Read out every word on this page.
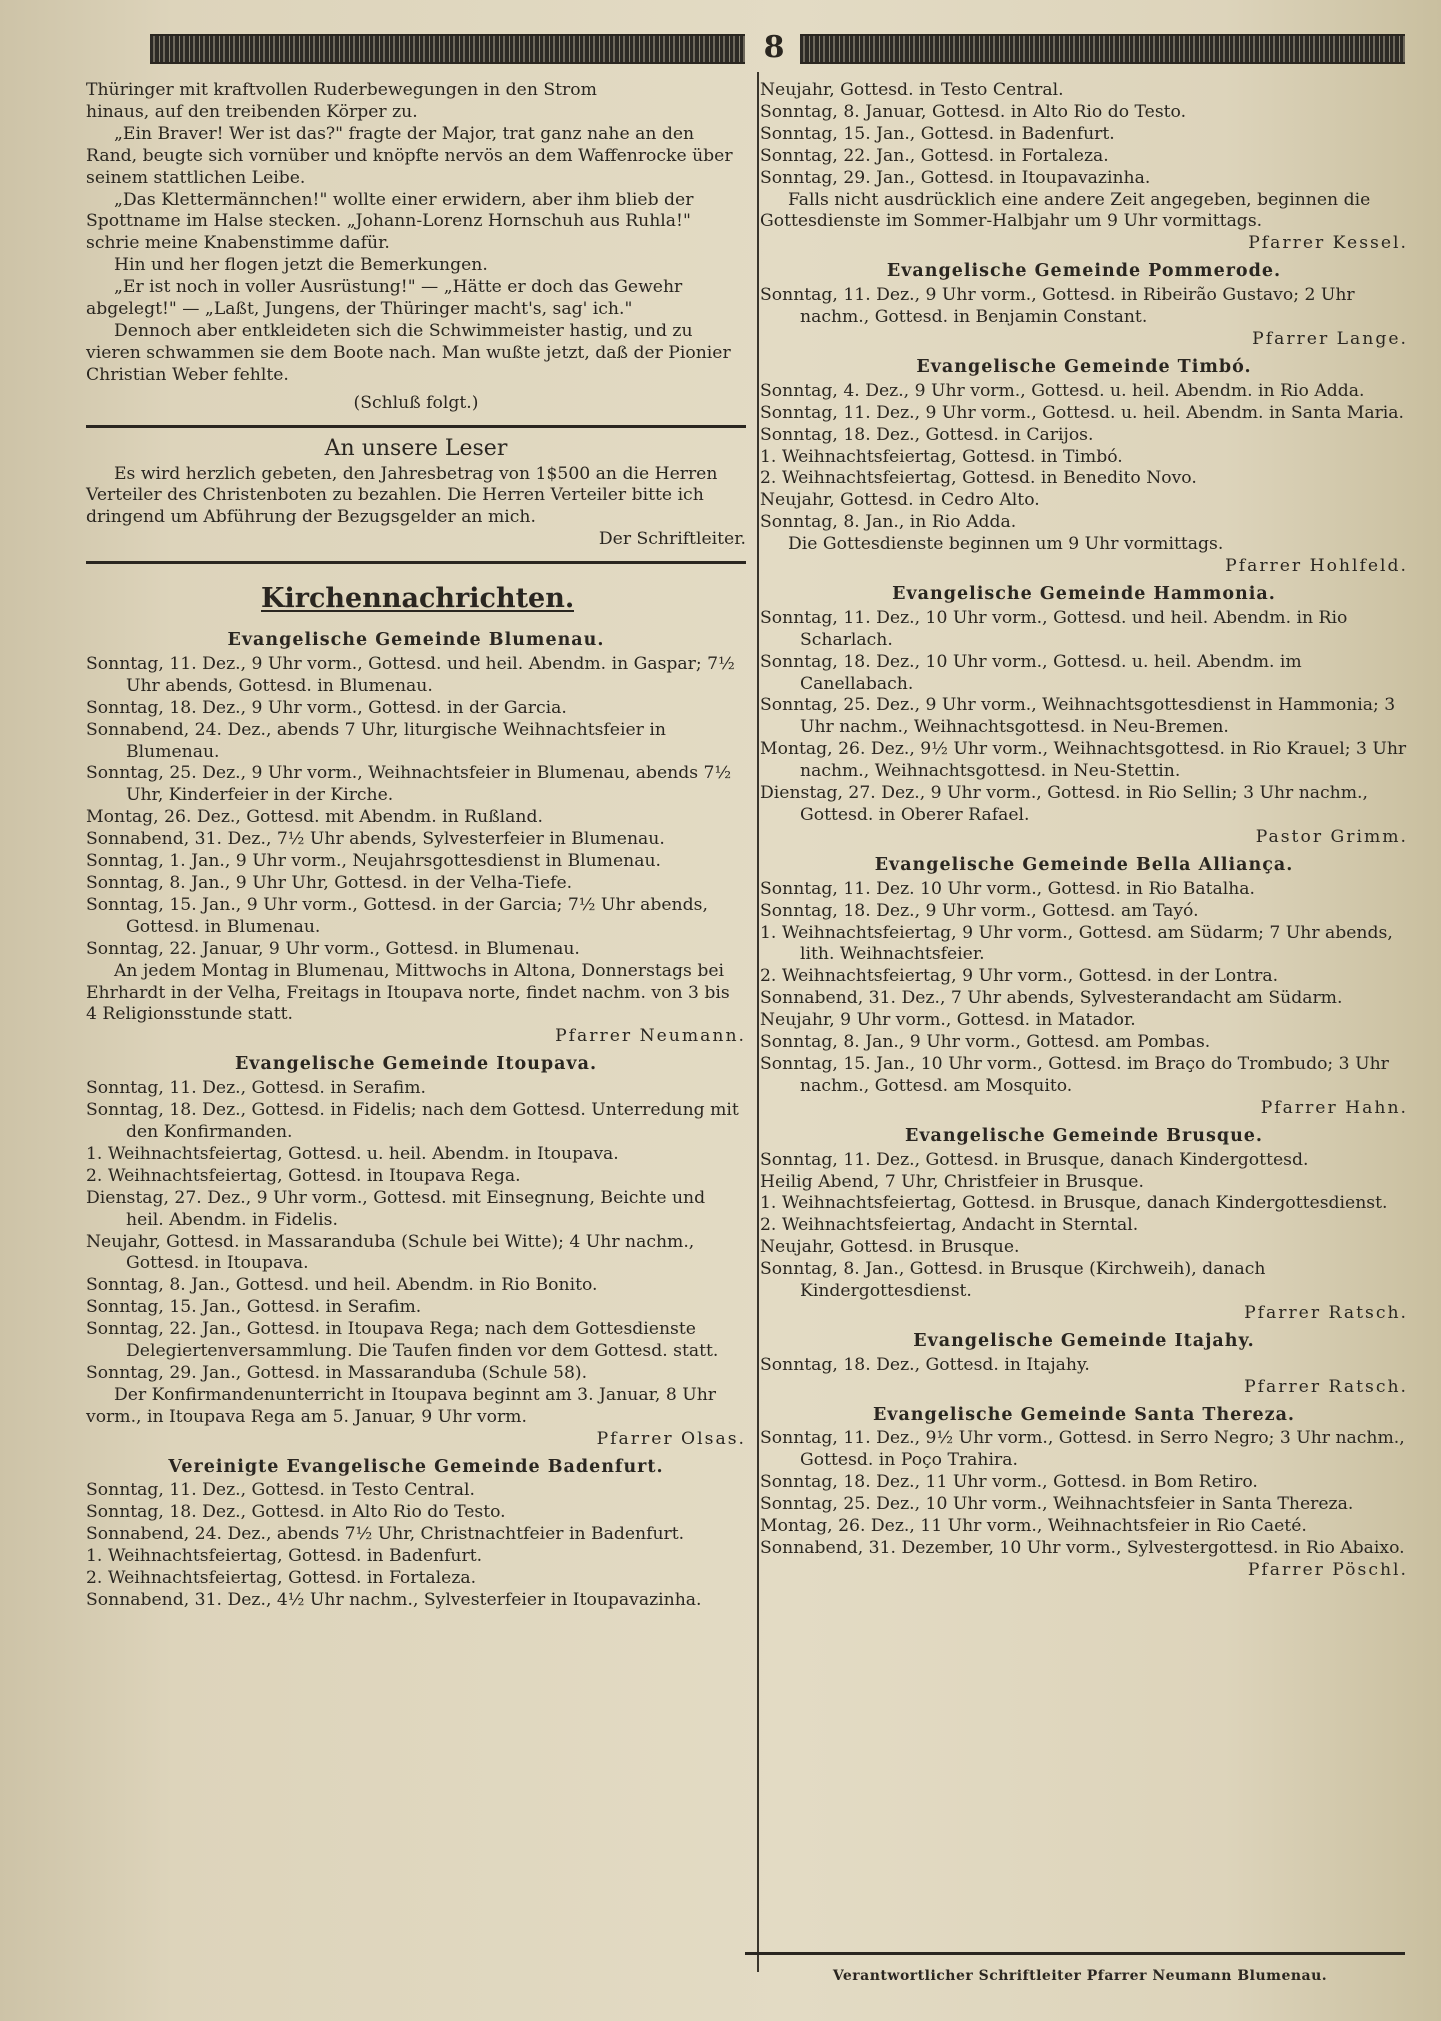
8

Thüringer mit kraftvollen Ruderbewegungen in den Strom

hinaus, auf den treibenden Körper zu.

„Ein Braver! Wer ist das?" fragte der Major, trat ganz nahe an den Rand, beugte sich vornüber und knöpfte nervös an dem Waffenrocke über seinem stattlichen Leibe.

„Das Klettermännchen!" wollte einer erwidern, aber ihm blieb der Spottname im Halse stecken. „Johann-Lorenz Hornschuh aus Ruhla!" schrie meine Knabenstimme dafür.

Hin und her flogen jetzt die Bemerkungen.

„Er ist noch in voller Ausrüstung!" — „Hätte er doch das Gewehr abgelegt!" — „Laßt, Jungens, der Thüringer macht's, sag' ich."

Dennoch aber entkleideten sich die Schwimmeister hastig, und zu vieren schwammen sie dem Boote nach. Man wußte jetzt, daß der Pionier Christian Weber fehlte.

(Schluß folgt.)

An unsere Leser

Es wird herzlich gebeten, den Jahresbetrag von 1$500 an die Herren Verteiler des Christenboten zu bezahlen. Die Herren Verteiler bitte ich dringend um Abführung der Bezugsgelder an mich.

Der Schriftleiter.

Kirchennachrichten.
Evangelische Gemeinde Blumenau.

Sonntag, 11. Dez., 9 Uhr vorm., Gottesd. und heil. Abendm. in Gaspar; 7½ Uhr abends, Gottesd. in Blumenau.

Sonntag, 18. Dez., 9 Uhr vorm., Gottesd. in der Garcia.

Sonnabend, 24. Dez., abends 7 Uhr, liturgische Weihnachtsfeier in Blumenau.

Sonntag, 25. Dez., 9 Uhr vorm., Weihnachtsfeier in Blumenau, abends 7½ Uhr, Kinderfeier in der Kirche.

Montag, 26. Dez., Gottesd. mit Abendm. in Rußland.

Sonnabend, 31. Dez., 7½ Uhr abends, Sylvesterfeier in Blumenau.

Sonntag, 1. Jan., 9 Uhr vorm., Neujahrsgottesdienst in Blumenau.

Sonntag, 8. Jan., 9 Uhr Uhr, Gottesd. in der Velha-Tiefe.

Sonntag, 15. Jan., 9 Uhr vorm., Gottesd. in der Garcia; 7½ Uhr abends, Gottesd. in Blumenau.

Sonntag, 22. Januar, 9 Uhr vorm., Gottesd. in Blumenau.

An jedem Montag in Blumenau, Mittwochs in Altona, Donnerstags bei Ehrhardt in der Velha, Freitags in Itoupava norte, findet nachm. von 3 bis 4 Religionsstunde statt.

Pfarrer Neumann.

Evangelische Gemeinde Itoupava.

Sonntag, 11. Dez., Gottesd. in Serafim.

Sonntag, 18. Dez., Gottesd. in Fidelis; nach dem Gottesd. Unterredung mit den Konfirmanden.

1. Weihnachtsfeiertag, Gottesd. u. heil. Abendm. in Itoupava.

2. Weihnachtsfeiertag, Gottesd. in Itoupava Rega.

Dienstag, 27. Dez., 9 Uhr vorm., Gottesd. mit Einsegnung, Beichte und heil. Abendm. in Fidelis.

Neujahr, Gottesd. in Massaranduba (Schule bei Witte); 4 Uhr nachm., Gottesd. in Itoupava.

Sonntag, 8. Jan., Gottesd. und heil. Abendm. in Rio Bonito.

Sonntag, 15. Jan., Gottesd. in Serafim.

Sonntag, 22. Jan., Gottesd. in Itoupava Rega; nach dem Gottesdienste Delegiertenversammlung. Die Taufen finden vor dem Gottesd. statt.

Sonntag, 29. Jan., Gottesd. in Massaranduba (Schule 58).

Der Konfirmandenunterricht in Itoupava beginnt am 3. Januar, 8 Uhr vorm., in Itoupava Rega am 5. Januar, 9 Uhr vorm.

Pfarrer Olsas.

Vereinigte Evangelische Gemeinde Badenfurt.

Sonntag, 11. Dez., Gottesd. in Testo Central.

Sonntag, 18. Dez., Gottesd. in Alto Rio do Testo.

Sonnabend, 24. Dez., abends 7½ Uhr, Christnachtfeier in Badenfurt.

1. Weihnachtsfeiertag, Gottesd. in Badenfurt.

2. Weihnachtsfeiertag, Gottesd. in Fortaleza.

Sonnabend, 31. Dez., 4½ Uhr nachm., Sylvesterfeier in Itoupavazinha.

Neujahr, Gottesd. in Testo Central.

Sonntag, 8. Januar, Gottesd. in Alto Rio do Testo.

Sonntag, 15. Jan., Gottesd. in Badenfurt.

Sonntag, 22. Jan., Gottesd. in Fortaleza.

Sonntag, 29. Jan., Gottesd. in Itoupavazinha.

Falls nicht ausdrücklich eine andere Zeit angegeben, beginnen die Gottesdienste im Sommer-Halbjahr um 9 Uhr vormittags.

Pfarrer Kessel.

Evangelische Gemeinde Pommerode.

Sonntag, 11. Dez., 9 Uhr vorm., Gottesd. in Ribeirão Gustavo; 2 Uhr nachm., Gottesd. in Benjamin Constant.

Pfarrer Lange.

Evangelische Gemeinde Timbó.

Sonntag, 4. Dez., 9 Uhr vorm., Gottesd. u. heil. Abendm. in Rio Adda.

Sonntag, 11. Dez., 9 Uhr vorm., Gottesd. u. heil. Abendm. in Santa Maria.

Sonntag, 18. Dez., Gottesd. in Carijos.

1. Weihnachtsfeiertag, Gottesd. in Timbó.

2. Weihnachtsfeiertag, Gottesd. in Benedito Novo.

Neujahr, Gottesd. in Cedro Alto.

Sonntag, 8. Jan., in Rio Adda.

Die Gottesdienste beginnen um 9 Uhr vormittags.

Pfarrer Hohlfeld.

Evangelische Gemeinde Hammonia.

Sonntag, 11. Dez., 10 Uhr vorm., Gottesd. und heil. Abendm. in Rio Scharlach.

Sonntag, 18. Dez., 10 Uhr vorm., Gottesd. u. heil. Abendm. im Canellabach.

Sonntag, 25. Dez., 9 Uhr vorm., Weihnachtsgottesdienst in Hammonia; 3 Uhr nachm., Weihnachtsgottesd. in Neu-Bremen.

Montag, 26. Dez., 9½ Uhr vorm., Weihnachtsgottesd. in Rio Krauel; 3 Uhr nachm., Weihnachtsgottesd. in Neu-Stettin.

Dienstag, 27. Dez., 9 Uhr vorm., Gottesd. in Rio Sellin; 3 Uhr nachm., Gottesd. in Oberer Rafael.

Pastor Grimm.

Evangelische Gemeinde Bella Alliança.

Sonntag, 11. Dez. 10 Uhr vorm., Gottesd. in Rio Batalha.

Sonntag, 18. Dez., 9 Uhr vorm., Gottesd. am Tayó.

1. Weihnachtsfeiertag, 9 Uhr vorm., Gottesd. am Südarm; 7 Uhr abends, lith. Weihnachtsfeier.

2. Weihnachtsfeiertag, 9 Uhr vorm., Gottesd. in der Lontra.

Sonnabend, 31. Dez., 7 Uhr abends, Sylvesterandacht am Südarm.

Neujahr, 9 Uhr vorm., Gottesd. in Matador.

Sonntag, 8. Jan., 9 Uhr vorm., Gottesd. am Pombas.

Sonntag, 15. Jan., 10 Uhr vorm., Gottesd. im Braço do Trombudo; 3 Uhr nachm., Gottesd. am Mosquito.

Pfarrer Hahn.

Evangelische Gemeinde Brusque.

Sonntag, 11. Dez., Gottesd. in Brusque, danach Kindergottesd.

Heilig Abend, 7 Uhr, Christfeier in Brusque.

1. Weihnachtsfeiertag, Gottesd. in Brusque, danach Kindergottesdienst.

2. Weihnachtsfeiertag, Andacht in Sterntal.

Neujahr, Gottesd. in Brusque.

Sonntag, 8. Jan., Gottesd. in Brusque (Kirchweih), danach Kindergottesdienst.

Pfarrer Ratsch.

Evangelische Gemeinde Itajahy.

Sonntag, 18. Dez., Gottesd. in Itajahy.

Pfarrer Ratsch.

Evangelische Gemeinde Santa Thereza.

Sonntag, 11. Dez., 9½ Uhr vorm., Gottesd. in Serro Negro; 3 Uhr nachm., Gottesd. in Poço Trahira.

Sonntag, 18. Dez., 11 Uhr vorm., Gottesd. in Bom Retiro.

Sonntag, 25. Dez., 10 Uhr vorm., Weihnachtsfeier in Santa Thereza.

Montag, 26. Dez., 11 Uhr vorm., Weihnachtsfeier in Rio Caeté.

Sonnabend, 31. Dezember, 10 Uhr vorm., Sylvestergottesd. in Rio Abaixo.

Pfarrer Pöschl.

Verantwortlicher Schriftleiter Pfarrer Neumann Blumenau.
